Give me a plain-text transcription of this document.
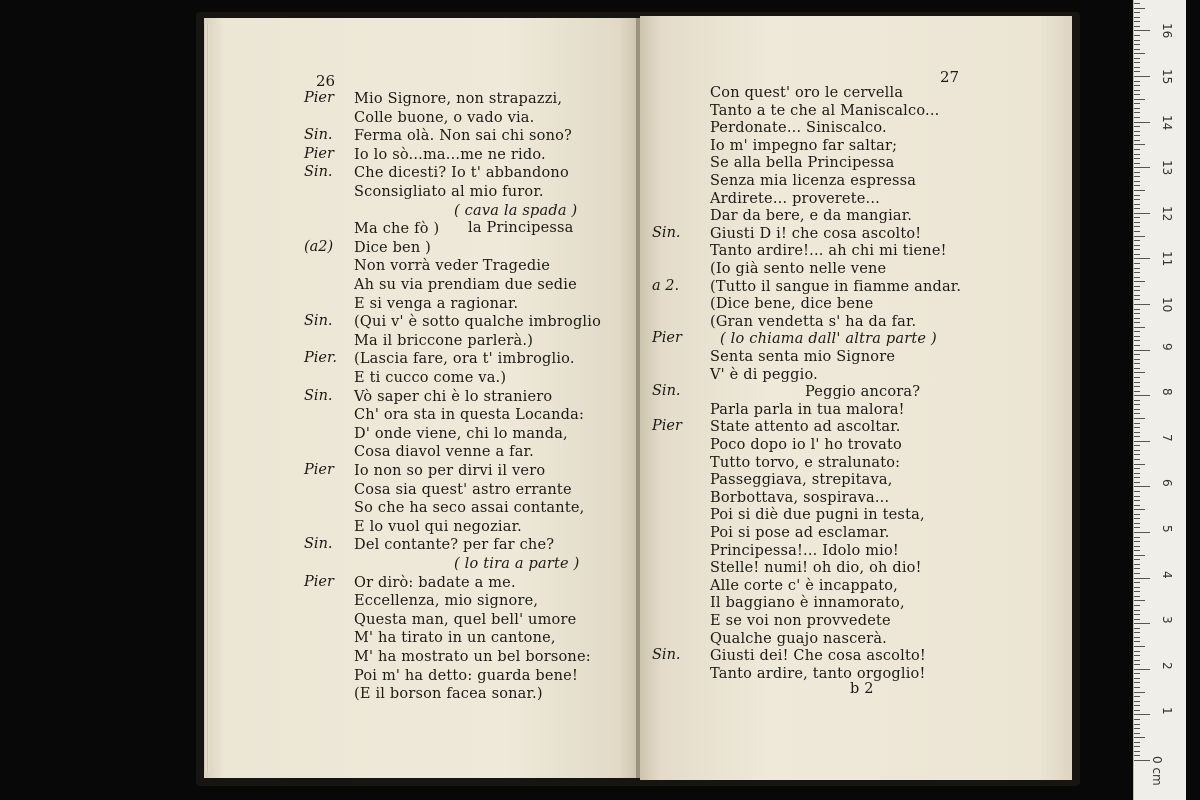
26
Pier Mio Signore, non strapazzi,
Colle buone, o vado via.
Sin. Ferma olà. Non sai chi sono?
Pier Io lo sò...ma...me ne rido.
Sin. Che dicesti? Io t' abbandono
Sconsigliato al mio furor.
( cava la spada )
Ma che fò )
(a2) Dice ben )
Non vorrà veder Tragedie
Ah su via prendiam due sedie
E si venga a ragionar.
Sin. (Qui v' è sotto qualche imbroglio
Ma il briccone parlerà.)
Pier. (Lascia fare, ora t' imbroglio.
E ti cucco come va.)
Sin. Vò saper chi è lo straniero
Ch' ora sta in questa Locanda:
D' onde viene, chi lo manda,
Cosa diavol venne a far.
Pier Io non so per dirvi il vero
Cosa sia quest' astro errante
So che ha seco assai contante,
E lo vuol qui negoziar.
Sin. Del contante? per far che?
( lo tira a parte )
Pier Or dirò: badate a me.
Eccellenza, mio signore,
Questa man, quel bell' umore
M' ha tirato in un cantone,
M' ha mostrato un bel borsone:
Poi m' ha detto: guarda bene!
(E il borson facea sonar.)
la Principessa
27
Con quest' oro le cervella
Tanto a te che al Maniscalco...
Perdonate... Siniscalco.
Io m' impegno far saltar;
Se alla bella Principessa
Senza mia licenza espressa
Ardirete... proverete...
Dar da bere, e da mangiar.
Sin. Giusti D i! che cosa ascolto!
Tanto ardire!... ah chi mi tiene!
(Io già sento nelle vene
a 2. (Tutto il sangue in fiamme andar.
(Dice bene, dice bene
(Gran vendetta s' ha da far.
Pier	( lo chiama dall' altra parte )
Senta senta mio Signore
V' è di peggio.
Sin.	Peggio ancora?
Parla parla in tua malora!
Pier State attento ad ascoltar.
Poco dopo io l' ho trovato
Tutto torvo, e stralunato:
Passeggiava, strepitava,
Borbottava, sospirava...
Poi si diè due pugni in testa,
Poi si pose ad esclamar.
Principessa!... Idolo mio!
Stelle! numi! oh dio, oh dio!
Alle corte c' è incappato,
Il baggiano è innamorato,
E se voi non provvedete
Qualche guajo nascerà.
Sin. Giusti dei! Che cosa ascolto!
Tanto ardire, tanto orgoglio!
b 2
0 cm
1
2
3
4
5
6
7
8
9
10
11
12
13
14
15
16
